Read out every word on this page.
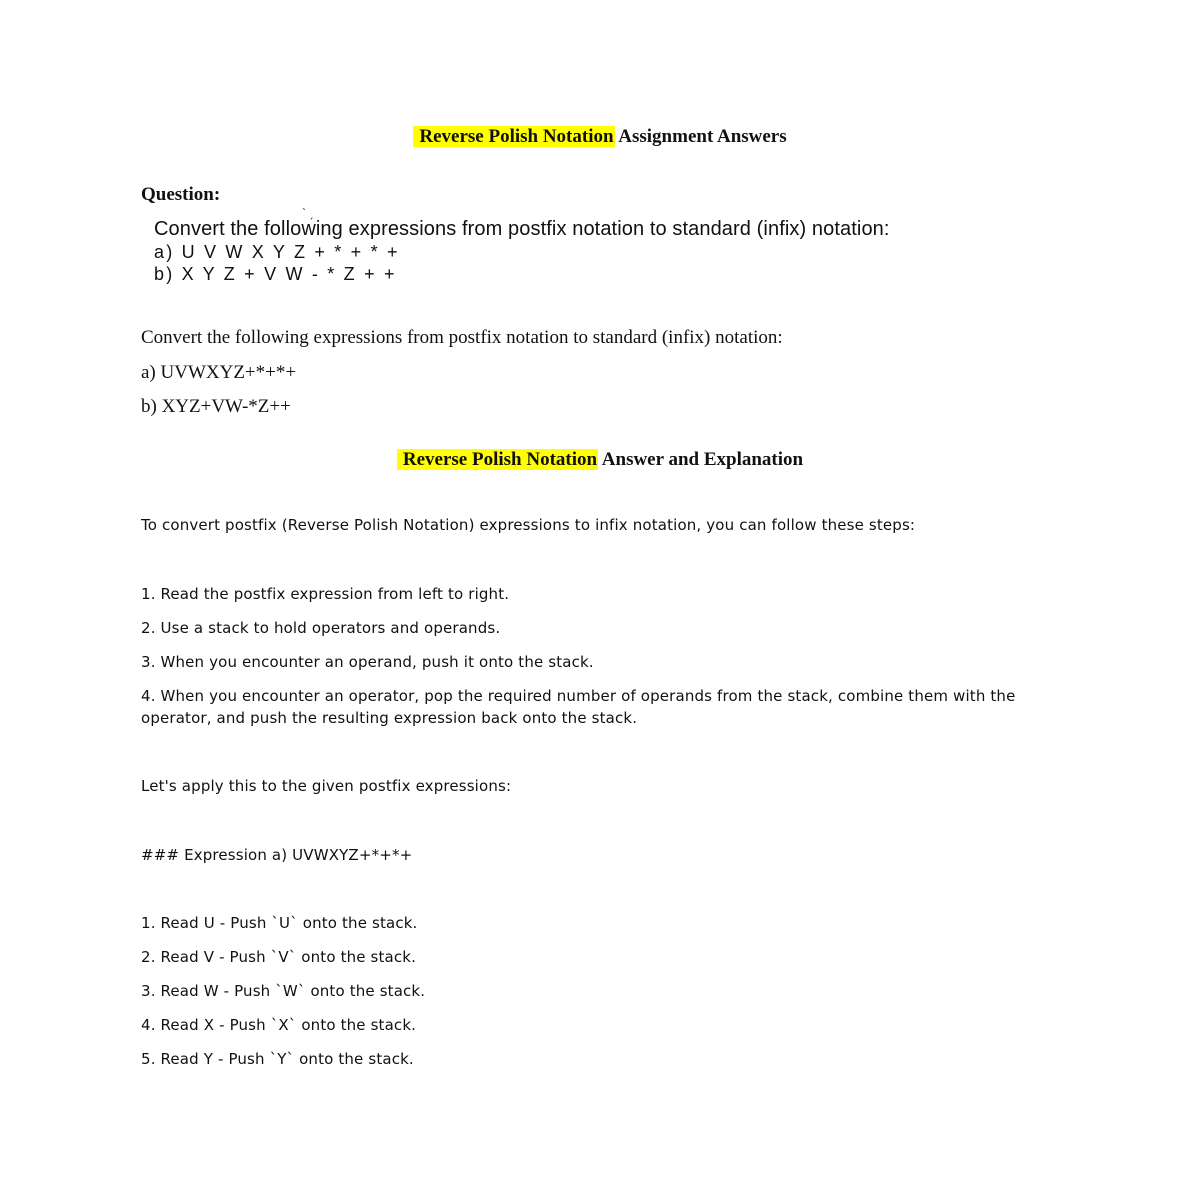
Reverse Polish Notation Assignment Answers
Question:
ˋ ˏ
Convert the following expressions from postfix notation to standard (infix) notation:
a) U V W X Y Z + * + * +
b) X Y Z + V W - * Z + +
Convert the following expressions from postfix notation to standard (infix) notation:
a) UVWXYZ+*+*+
b) XYZ+VW-*Z++
Reverse Polish Notation Answer and Explanation
To convert postfix (Reverse Polish Notation) expressions to infix notation, you can follow these steps:
1. Read the postfix expression from left to right.
2. Use a stack to hold operators and operands.
3. When you encounter an operand, push it onto the stack.
4. When you encounter an operator, pop the required number of operands from the stack, combine them with the operator, and push the resulting expression back onto the stack.
Let's apply this to the given postfix expressions:
### Expression a) UVWXYZ+*+*+
1. Read U - Push `U` onto the stack.
2. Read V - Push `V` onto the stack.
3. Read W - Push `W` onto the stack.
4. Read X - Push `X` onto the stack.
5. Read Y - Push `Y` onto the stack.
